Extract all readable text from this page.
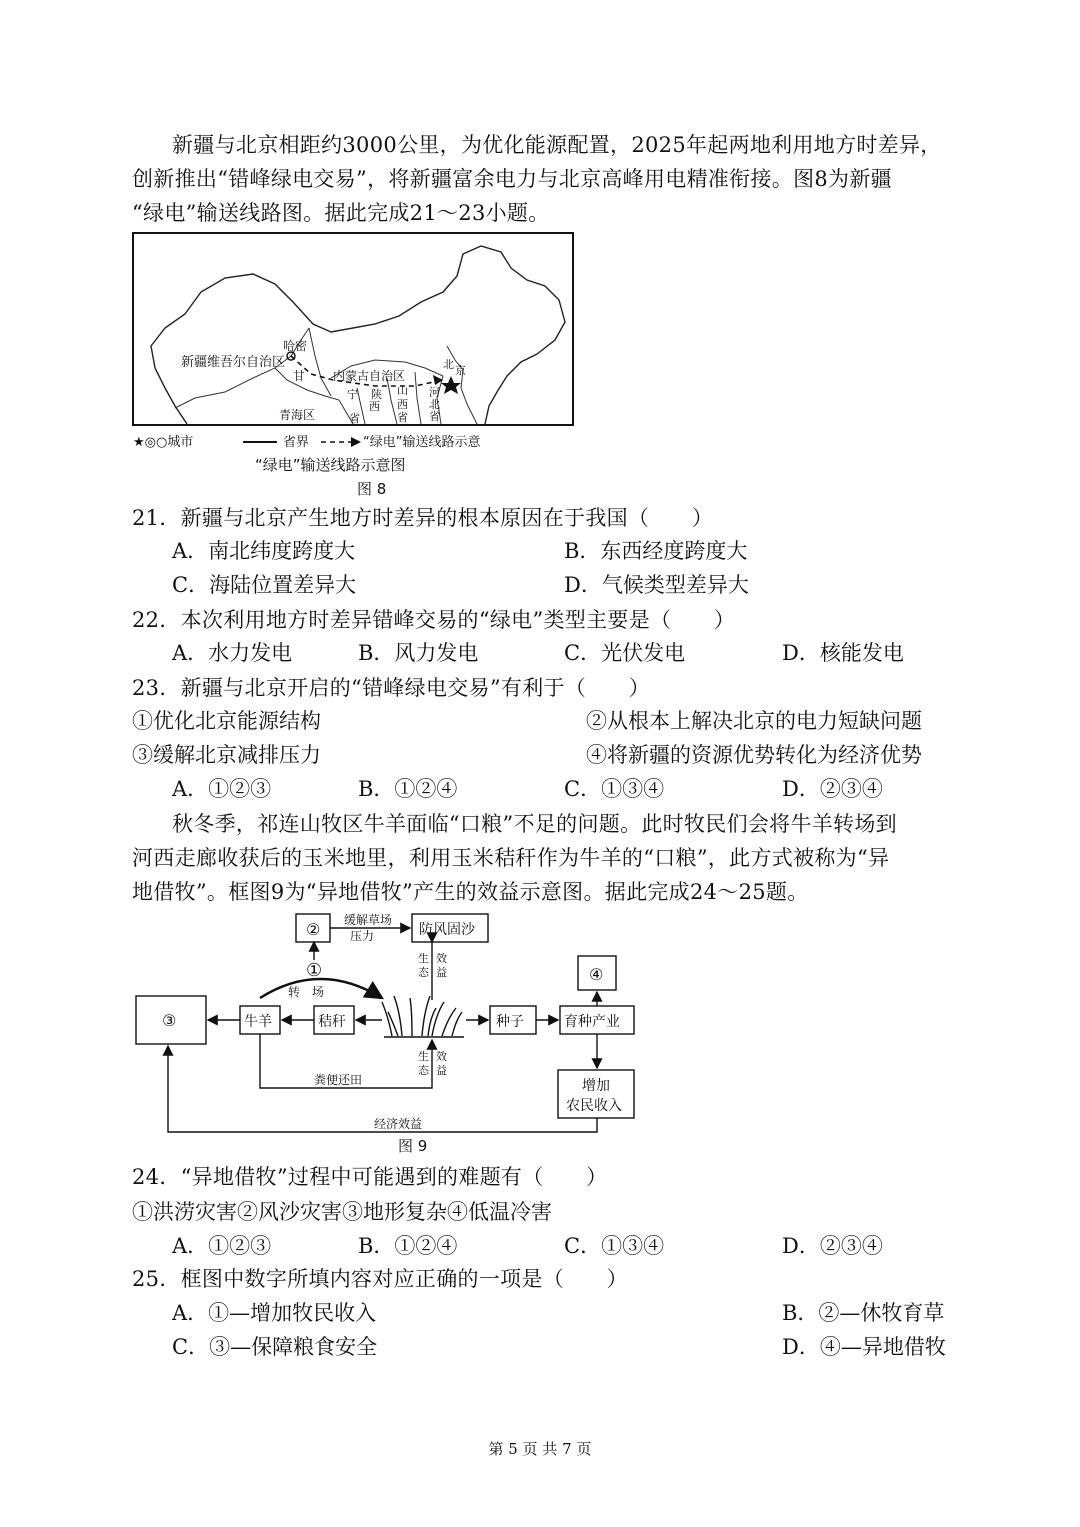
新疆与北京相距约3000公里，为优化能源配置，2025年起两地利用地方时差异，
创新推出“错峰绿电交易”，将新疆富余电力与北京高峰用电精准衔接。图8为新疆
“绿电”输送线路图。据此完成21～23小题。
新疆维吾尔自治区
哈密
甘
青海区
内蒙古自治区
宁 陕
西
省
山
西
省
北 京
河
北
省
★◎○城市	省界	“绿电”输送线路示意
“绿电”输送线路示意图
图 8
21．新疆与北京产生地方时差异的根本原因在于我国（　　）
A．南北纬度跨度大	B．东西经度跨度大
C．海陆位置差异大	D．气候类型差异大
22．本次利用地方时差异错峰交易的“绿电”类型主要是（　　）
A．水力发电	B．风力发电	C．光伏发电	D．核能发电
23．新疆与北京开启的“错峰绿电交易”有利于（　　）
①优化北京能源结构	②从根本上解决北京的电力短缺问题
③缓解北京减排压力	④将新疆的资源优势转化为经济优势
A．①②③	B．①②④	C．①③④	D．②③④
秋冬季，祁连山牧区牛羊面临“口粮”不足的问题。此时牧民们会将牛羊转场到
河西走廊收获后的玉米地里，利用玉米秸秆作为牛羊的“口粮”，此方式被称为“异
地借牧”。框图9为“异地借牧”产生的效益示意图。据此完成24～25题。
② 缓解草场
压力	防风固沙
生
态
效
益
①
转　场
③	牛羊	秸秆	种子	育种产业
④
增加
农民收入
粪便还田
生
态
效
益
经济效益
图 9
24．“异地借牧”过程中可能遇到的难题有（　　）
①洪涝灾害②风沙灾害③地形复杂④低温冷害
A．①②③	B．①②④	C．①③④	D．②③④
25．框图中数字所填内容对应正确的一项是（　　）
A．①—增加牧民收入	B．②—休牧育草
C．③—保障粮食安全	D．④—异地借牧
第 5 页 共 7 页
